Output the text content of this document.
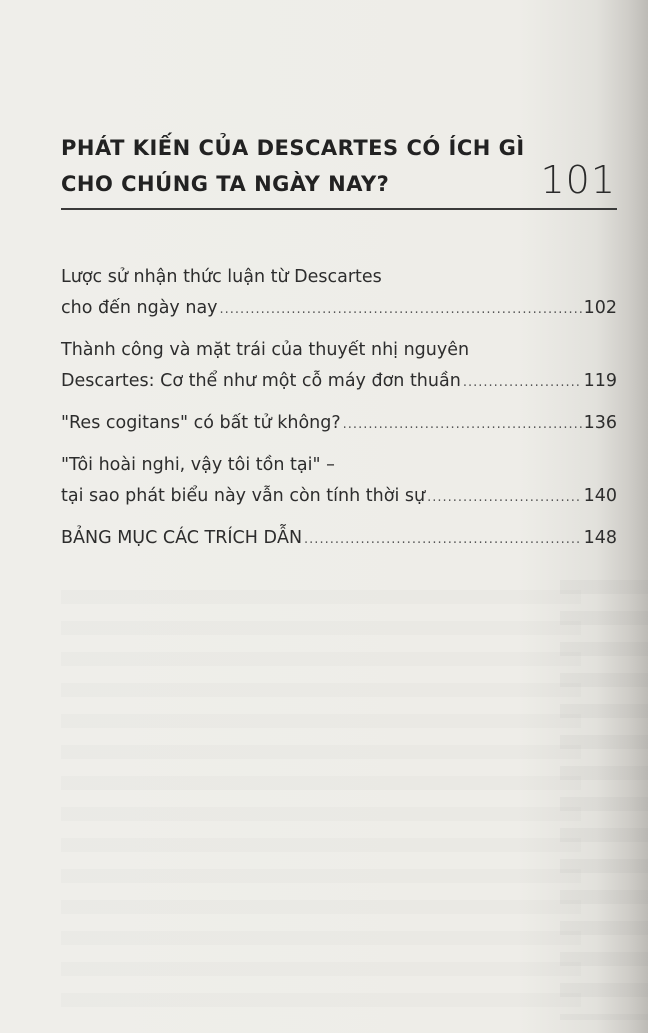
PHÁT KIẾN CỦA DESCARTES CÓ ÍCH GÌ
CHO CHÚNG TA NGÀY NAY?	101
Lược sử nhận thức luận từ Descartes
cho đến ngày nay .....	102
Thành công và mặt trái của thuyết nhị nguyên
Descartes: Cơ thể như một cỗ máy đơn thuần .....	119
"Res cogitans" có bất tử không? .....	136
"Tôi hoài nghi, vậy tôi tồn tại" –
tại sao phát biểu này vẫn còn tính thời sự .....	140
BẢNG MỤC CÁC TRÍCH DẪN .....	148
